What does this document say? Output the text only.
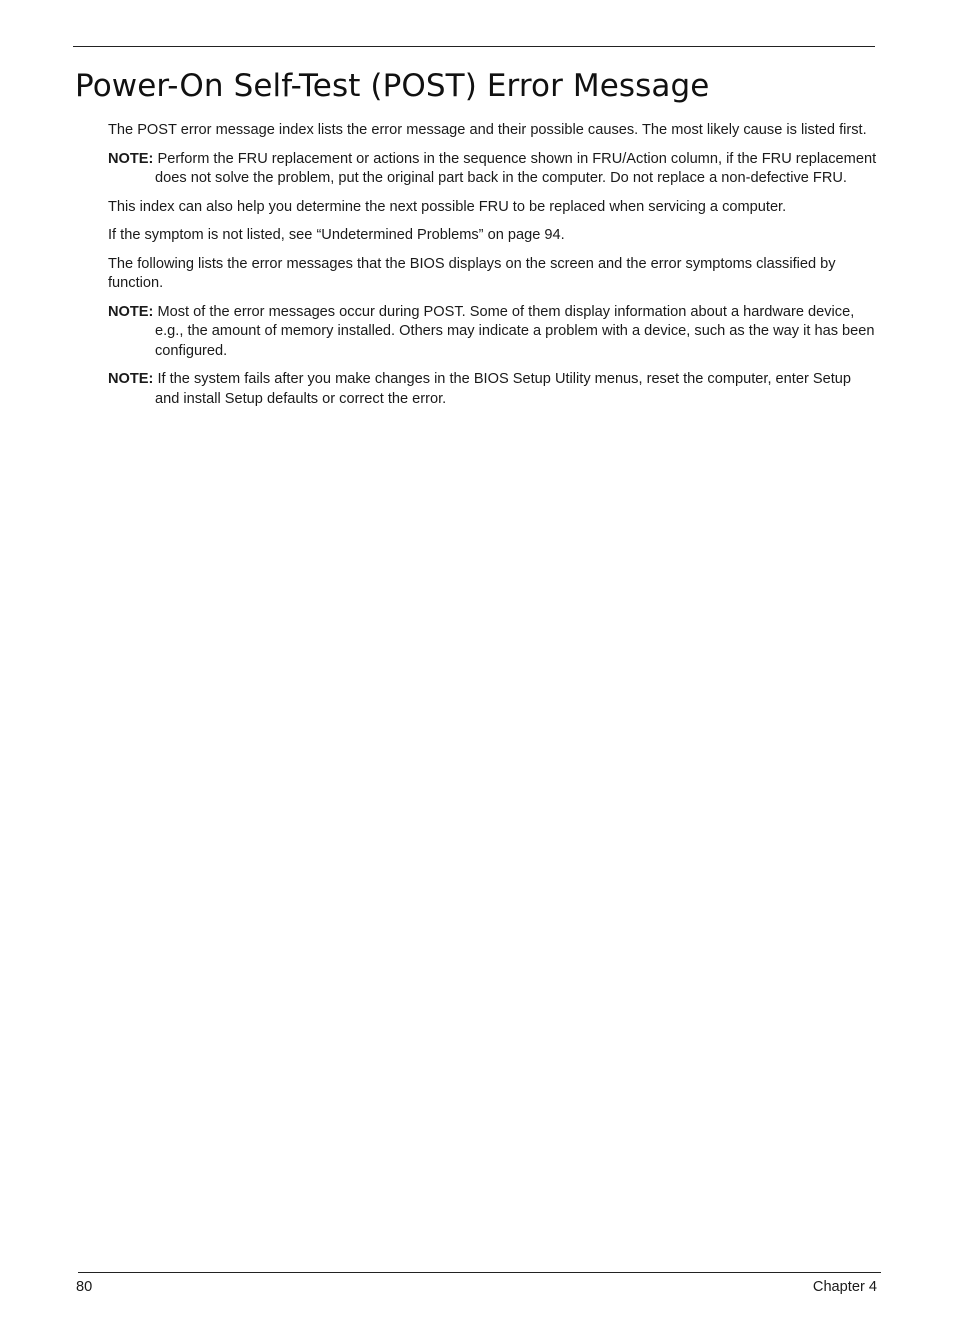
Power-On Self-Test (POST) Error Message

The POST error message index lists the error message and their possible causes. The most likely cause is listed first.

NOTE: Perform the FRU replacement or actions in the sequence shown in FRU/Action column, if the FRU replacement does not solve the problem, put the original part back in the computer. Do not replace a non-defective FRU.

This index can also help you determine the next possible FRU to be replaced when servicing a computer.

If the symptom is not listed, see “Undetermined Problems” on page 94.

The following lists the error messages that the BIOS displays on the screen and the error symptoms classified by function.

NOTE: Most of the error messages occur during POST. Some of them display information about a hardware device, e.g., the amount of memory installed. Others may indicate a problem with a device, such as the way it has been configured.

NOTE: If the system fails after you make changes in the BIOS Setup Utility menus, reset the computer, enter Setup and install Setup defaults or correct the error.

80	Chapter 4
